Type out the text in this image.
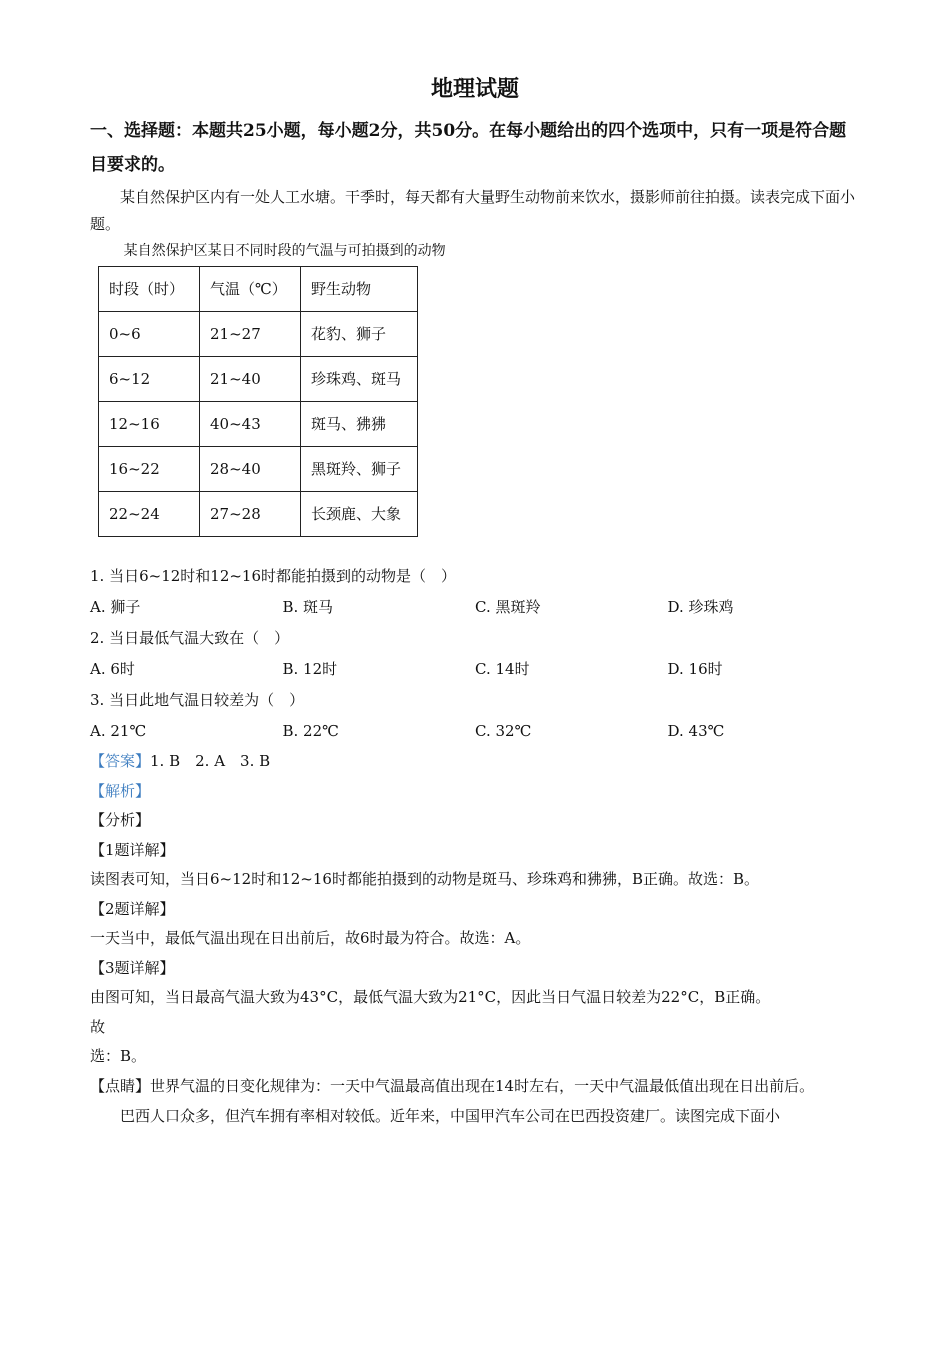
地理试题
一、选择题：本题共25小题，每小题2分，共50分。在每小题给出的四个选项中，只有一项是符合题目要求的。

某自然保护区内有一处人工水塘。干季时，每天都有大量野生动物前来饮水，摄影师前往拍摄。读表完成下面小题。

某自然保护区某日不同时段的气温与可拍摄到的动物

时段（时）	气温（℃）	野生动物
0~6	21~27	花豹、狮子
6~12	21~40	珍珠鸡、斑马
12~16	40~43	斑马、狒狒
16~22	28~40	黑斑羚、狮子
22~24	27~28	长颈鹿、大象

1. 当日6~12时和12~16时都能拍摄到的动物是（　）

A. 狮子	B. 斑马	C. 黑斑羚	D. 珍珠鸡

2. 当日最低气温大致在（　）

A. 6时	B. 12时	C. 14时	D. 16时

3. 当日此地气温日较差为（　）

A. 21℃	B. 22℃	C. 32℃	D. 43℃

【答案】1. B　2. A　3. B

【解析】

【分析】

【1题详解】

读图表可知，当日6~12时和12~16时都能拍摄到的动物是斑马、珍珠鸡和狒狒，B正确。故选：B。

【2题详解】

一天当中，最低气温出现在日出前后，故6时最为符合。故选：A。

【3题详解】

由图可知，当日最高气温大致为43°C，最低气温大致为21°C，因此当日气温日较差为22°C，B正确。

故

选：B。

【点睛】世界气温的日变化规律为：一天中气温最高值出现在14时左右，一天中气温最低值出现在日出前后。

巴西人口众多，但汽车拥有率相对较低。近年来，中国甲汽车公司在巴西投资建厂。读图完成下面小
